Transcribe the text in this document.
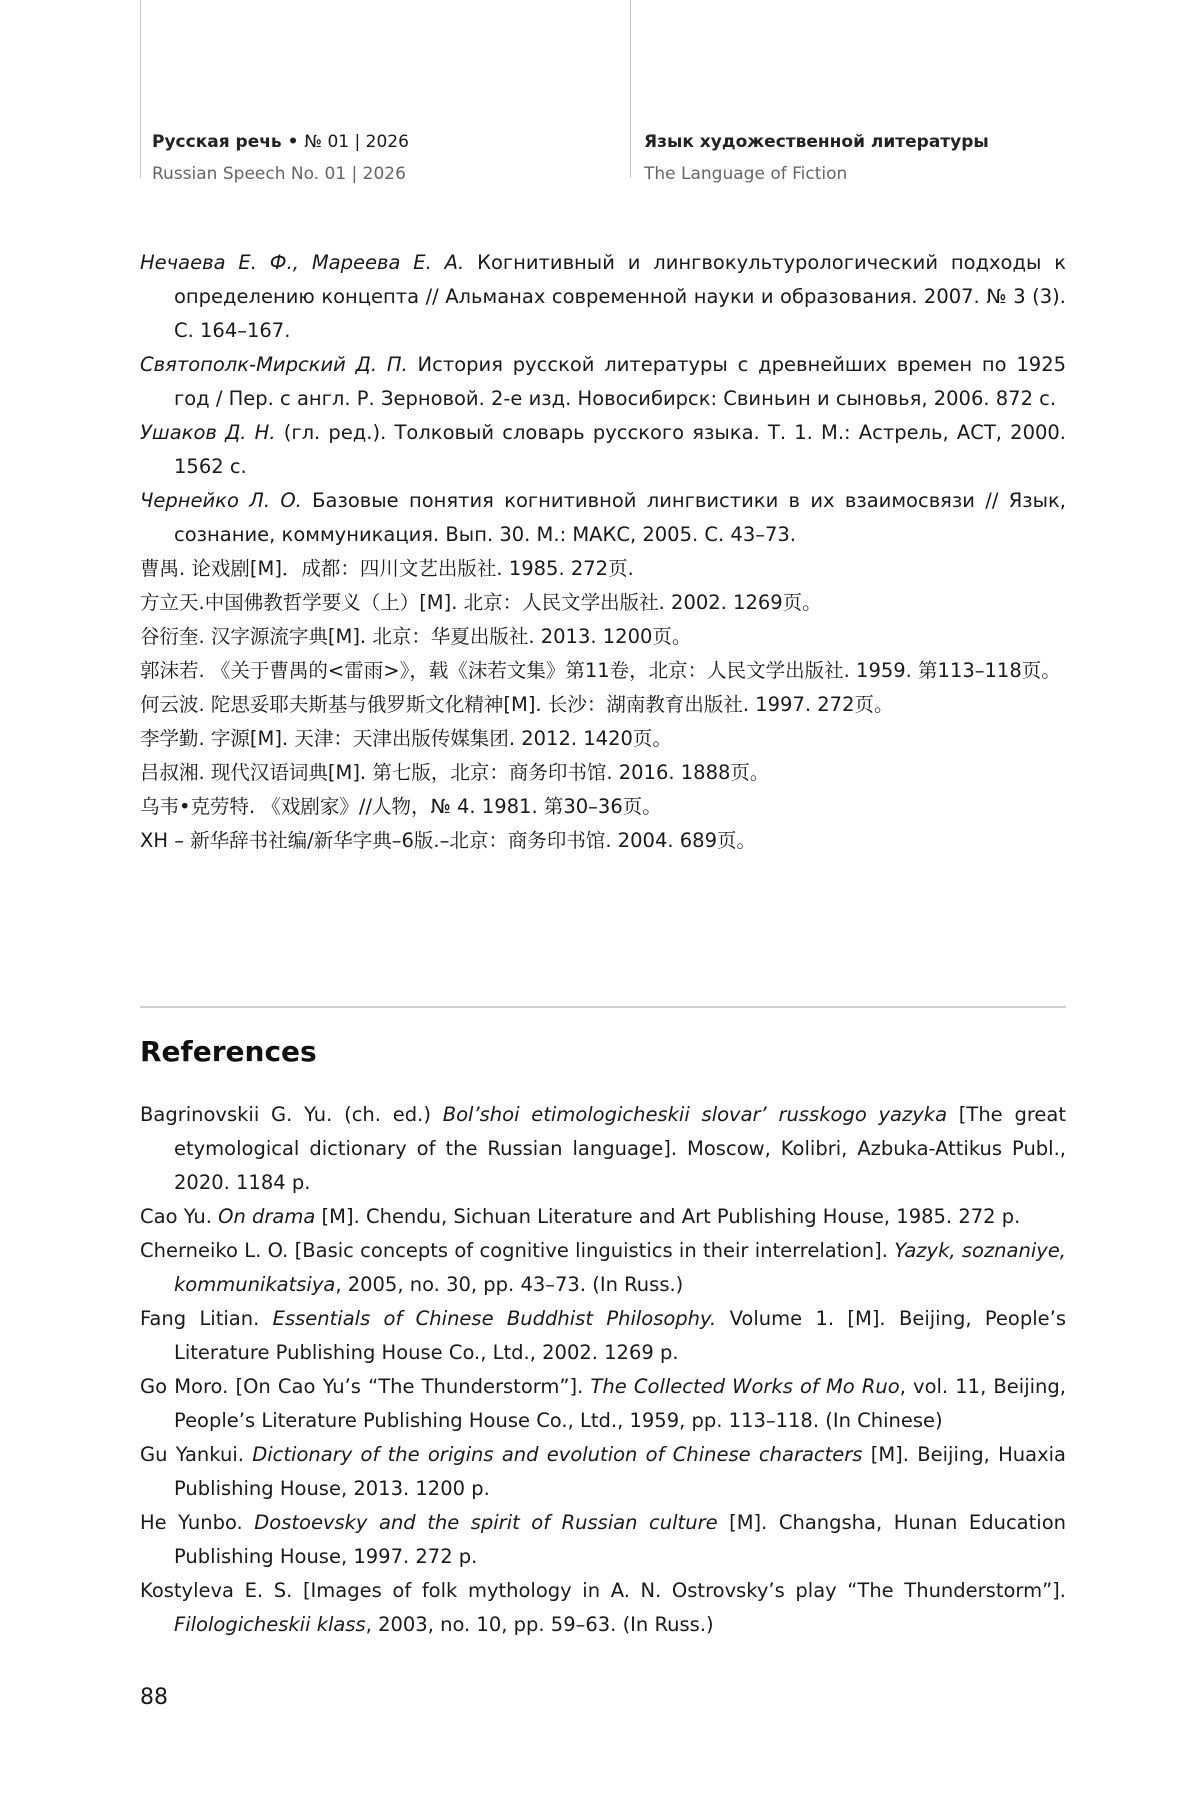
Русская речь • № 01 | 2026
Russian Speech No. 01 | 2026
Язык художественной литературы
The Language of Fiction
Нечаева Е. Ф., Мареева Е. А. Когнитивный и лингвокультурологический подходы к определению концепта // Альманах современной науки и образования. 2007. № 3 (3). С. 164–167.
Святополк-Мирский Д. П. История русской литературы с древнейших времен по 1925 год / Пер. с англ. Р. Зерновой. 2-е изд. Новосибирск: Свиньин и сыновья, 2006. 872 с.
Ушаков Д. Н. (гл. ред.). Толковый словарь русского языка. Т. 1. М.: Астрель, АСТ, 2000. 1562 с.
Чернейко Л. О. Базовые понятия когнитивной лингвистики в их взаимосвязи // Язык, сознание, коммуникация. Вып. 30. М.: МАКС, 2005. С. 43–73.
曹禺. 论戏剧[M]．成都：四川文艺出版社. 1985. 272页.
方立天.中国佛教哲学要义（上）[M]. 北京：人民文学出版社. 2002. 1269页。
谷衍奎. 汉字源流字典[M]. 北京：华夏出版社. 2013. 1200页。
郭沫若. 《关于曹禺的<雷雨>》，载《沫若文集》第11卷，北京：人民文学出版社. 1959. 第113–118页。
何云波. 陀思妥耶夫斯基与俄罗斯文化精神[M]. 长沙：湖南教育出版社. 1997. 272页。
李学勤. 字源[M]. 天津：天津出版传媒集团. 2012. 1420页。
吕叔湘. 现代汉语词典[M]. 第七版，北京：商务印书馆. 2016. 1888页。
乌韦•克劳特. 《戏剧家》//人物，№ 4. 1981. 第30–36页。
XH – 新华辞书社编/新华字典–6版.–北京：商务印书馆. 2004. 689页。
References
Bagrinovskii G. Yu. (ch. ed.) Bol’shoi etimologicheskii slovar’ russkogo yazyka [The great etymological dictionary of the Russian language]. Moscow, Kolibri, Azbuka-Attikus Publ., 2020. 1184 p.
Cao Yu. On drama [M]. Chendu, Sichuan Literature and Art Publishing House, 1985. 272 p.
Cherneiko L. O. [Basic concepts of cognitive linguistics in their interrelation]. Yazyk, soznaniye, kommunikatsiya, 2005, no. 30, pp. 43–73. (In Russ.)
Fang Litian. Essentials of Chinese Buddhist Philosophy. Volume 1. [M]. Beijing, People’s Literature Publishing House Co., Ltd., 2002. 1269 p.
Go Moro. [On Cao Yu’s “The Thunderstorm”]. The Collected Works of Mo Ruo, vol. 11, Beijing, People’s Literature Publishing House Co., Ltd., 1959, pp. 113–118. (In Chinese)
Gu Yankui. Dictionary of the origins and evolution of Chinese characters [M]. Beijing, Huaxia Publishing House, 2013. 1200 p.
He Yunbo. Dostoevsky and the spirit of Russian culture [M]. Changsha, Hunan Education Publishing House, 1997. 272 p.
Kostyleva E. S. [Images of folk mythology in A. N. Ostrovsky’s play “The Thunderstorm”]. Filologicheskii klass, 2003, no. 10, pp. 59–63. (In Russ.)
88
